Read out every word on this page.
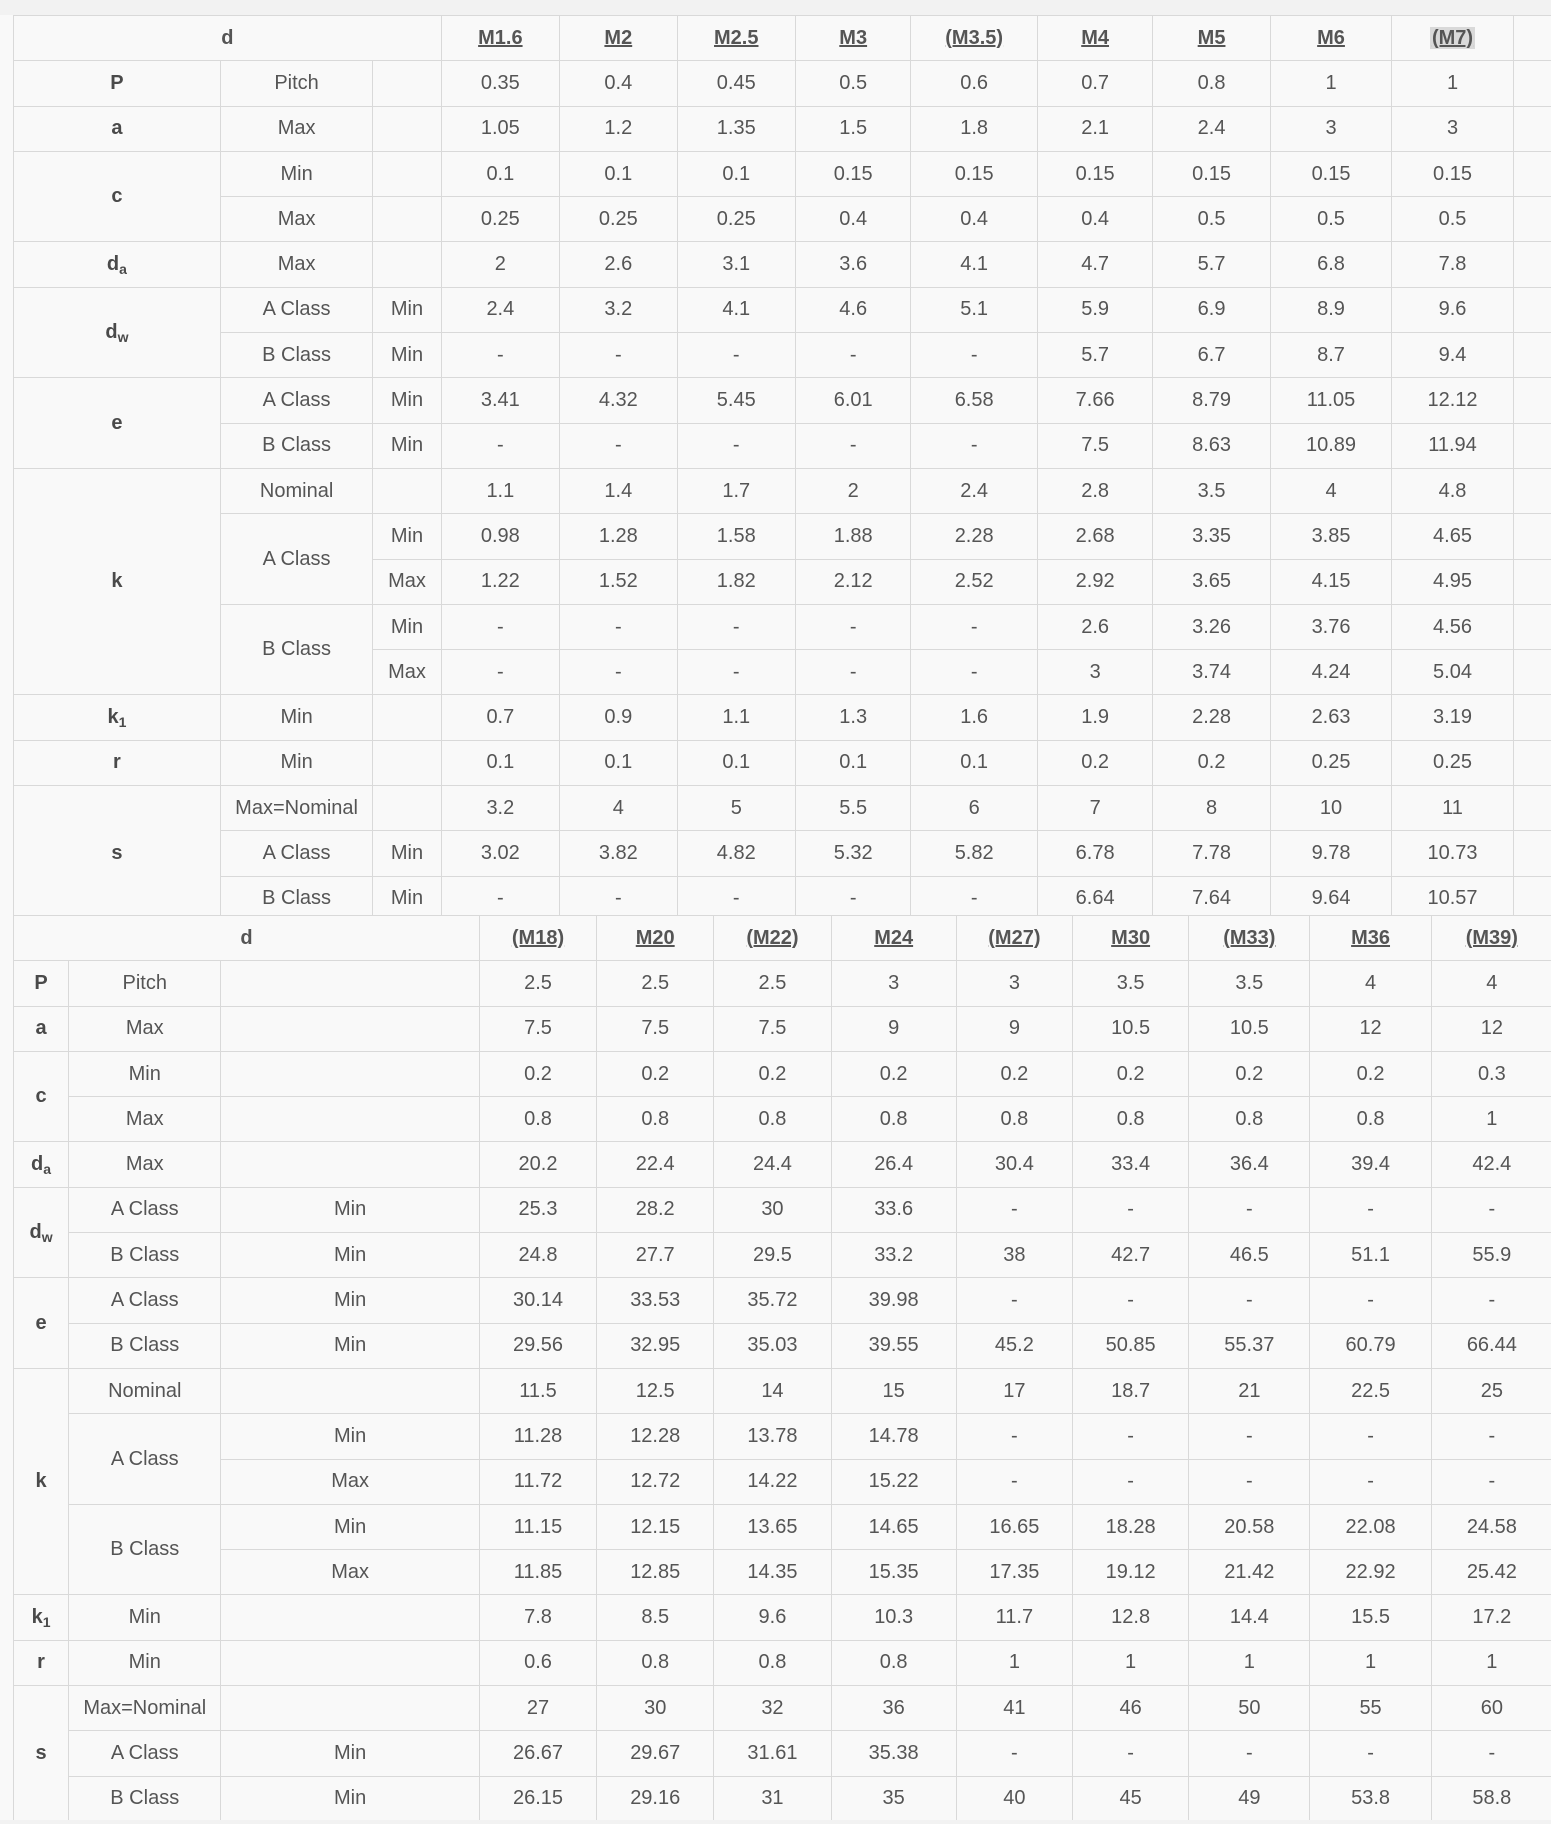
d			M1.6	M2	M2.5	M3	(M3.5)	M4	M5	M6	(M7)	
P	Pitch		0.35	0.4	0.45	0.5	0.6	0.7	0.8	1	1	
a	Max		1.05	1.2	1.35	1.5	1.8	2.1	2.4	3	3	
c	Min		0.1	0.1	0.1	0.15	0.15	0.15	0.15	0.15	0.15	
	Max		0.25	0.25	0.25	0.4	0.4	0.4	0.5	0.5	0.5	
$d_a$	Max		2	2.6	3.1	3.6	4.1	4.7	5.7	6.8	7.8	
$d_w$	A Class	Min	2.4	3.2	4.1	4.6	5.1	5.9	6.9	8.9	9.6	
	B Class	Min	-	-	-	-	-	5.7	6.7	8.7	9.4	
e	A Class	Min	3.41	4.32	5.45	6.01	6.58	7.66	8.79	11.05	12.12	
	B Class	Min	-	-	-	-	-	7.5	8.63	10.89	11.94	
k	Nominal		1.1	1.4	1.7	2	2.4	2.8	3.5	4	4.8	
	A Class	Min	0.98	1.28	1.58	1.88	2.28	2.68	3.35	3.85	4.65	
		Max	1.22	1.52	1.82	2.12	2.52	2.92	3.65	4.15	4.95	
	B Class	Min	-	-	-	-	-	2.6	3.26	3.76	4.56	
		Max	-	-	-	-	-	3	3.74	4.24	5.04	
$k_1$	Min		0.7	0.9	1.1	1.3	1.6	1.9	2.28	2.63	3.19	
r	Min		0.1	0.1	0.1	0.1	0.1	0.2	0.2	0.25	0.25	
s	Max=Nominal		3.2	4	5	5.5	6	7	8	10	11	
	A Class	Min	3.02	3.82	4.82	5.32	5.82	6.78	7.78	9.78	10.73	
	B Class	Min	-	-	-	-	-	6.64	7.64	9.64	10.57	
d			(M18)	M20	(M22)	M24	(M27)	M30	(M33)	M36	(M39)
P	Pitch		2.5	2.5	2.5	3	3	3.5	3.5	4	4
a	Max		7.5	7.5	7.5	9	9	10.5	10.5	12	12
c	Min		0.2	0.2	0.2	0.2	0.2	0.2	0.2	0.2	0.3
	Max		0.8	0.8	0.8	0.8	0.8	0.8	0.8	0.8	1
$d_a$	Max		20.2	22.4	24.4	26.4	30.4	33.4	36.4	39.4	42.4
$d_w$	A Class	Min	25.3	28.2	30	33.6	-	-	-	-	-
	B Class	Min	24.8	27.7	29.5	33.2	38	42.7	46.5	51.1	55.9
e	A Class	Min	30.14	33.53	35.72	39.98	-	-	-	-	-
	B Class	Min	29.56	32.95	35.03	39.55	45.2	50.85	55.37	60.79	66.44
k	Nominal		11.5	12.5	14	15	17	18.7	21	22.5	25
	A Class	Min	11.28	12.28	13.78	14.78	-	-	-	-	-
		Max	11.72	12.72	14.22	15.22	-	-	-	-	-
	B Class	Min	11.15	12.15	13.65	14.65	16.65	18.28	20.58	22.08	24.58
		Max	11.85	12.85	14.35	15.35	17.35	19.12	21.42	22.92	25.42
$k_1$	Min		7.8	8.5	9.6	10.3	11.7	12.8	14.4	15.5	17.2
r	Min		0.6	0.8	0.8	0.8	1	1	1	1	1
s	Max=Nominal		27	30	32	36	41	46	50	55	60
	A Class	Min	26.67	29.67	31.61	35.38	-	-	-	-	-
	B Class	Min	26.15	29.16	31	35	40	45	49	53.8	58.8
